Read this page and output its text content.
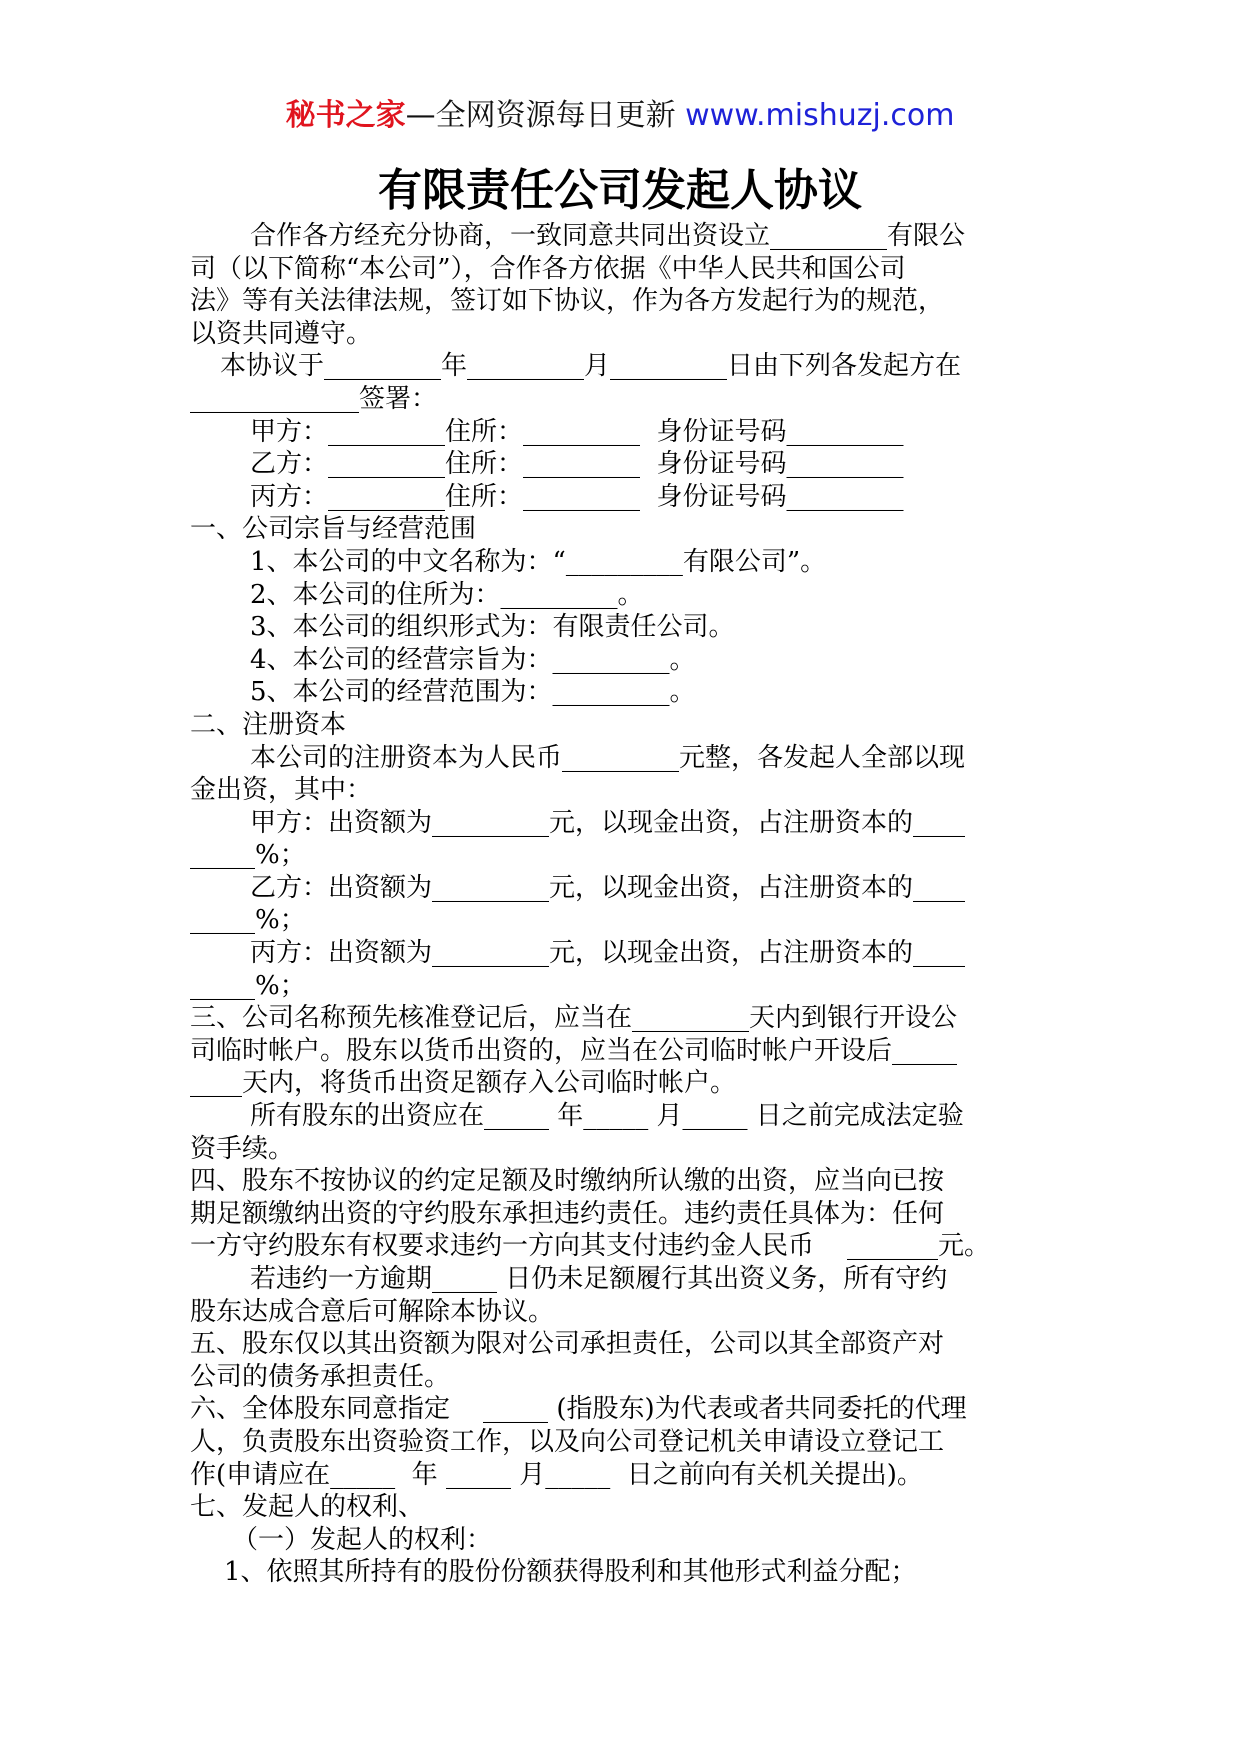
秘书之家—全网资源每日更新 www.mishuzj.com
有限责任公司发起人协议
合作各方经充分协商，一致同意共同出资设立_________有限公
司（以下简称“本公司”），合作各方依据《中华人民共和国公司
法》等有关法律法规，签订如下协议，作为各方发起行为的规范，
以资共同遵守。
本协议于_________年_________月_________日由下列各发起方在
_____________签署：
甲方：_________住所：_________  身份证号码_________
乙方：_________住所：_________  身份证号码_________
丙方：_________住所：_________  身份证号码_________
一、公司宗旨与经营范围
1、本公司的中文名称为：“_________有限公司”。
2、本公司的住所为：_________。
3、本公司的组织形式为：有限责任公司。
4、本公司的经营宗旨为：_________。
5、本公司的经营范围为：_________。
二、注册资本
本公司的注册资本为人民币_________元整，各发起人全部以现
金出资，其中：
甲方：出资额为_________元，以现金出资，占注册资本的____
_____%；
乙方：出资额为_________元，以现金出资，占注册资本的____
_____%；
丙方：出资额为_________元，以现金出资，占注册资本的____
_____%；
三、公司名称预先核准登记后，应当在_________天内到银行开设公
司临时帐户。股东以货币出资的，应当在公司临时帐户开设后_____
____天内，将货币出资足额存入公司临时帐户。
所有股东的出资应在_____ 年_____ 月_____ 日之前完成法定验
资手续。
四、股东不按协议的约定足额及时缴纳所认缴的出资，应当向已按
期足额缴纳出资的守约股东承担违约责任。违约责任具体为：任何
一方守约股东有权要求违约一方向其支付违约金人民币    _______元。
若违约一方逾期_____ 日仍未足额履行其出资义务，所有守约
股东达成合意后可解除本协议。
五、股东仅以其出资额为限对公司承担责任，公司以其全部资产对
公司的债务承担责任。
六、全体股东同意指定    _____ (指股东)为代表或者共同委托的代理
人，负责股东出资验资工作，以及向公司登记机关申请设立登记工
作(申请应在_____  年 _____ 月_____  日之前向有关机关提出)。
七、发起人的权利、
（一）发起人的权利：
1、依照其所持有的股份份额获得股利和其他形式利益分配；
